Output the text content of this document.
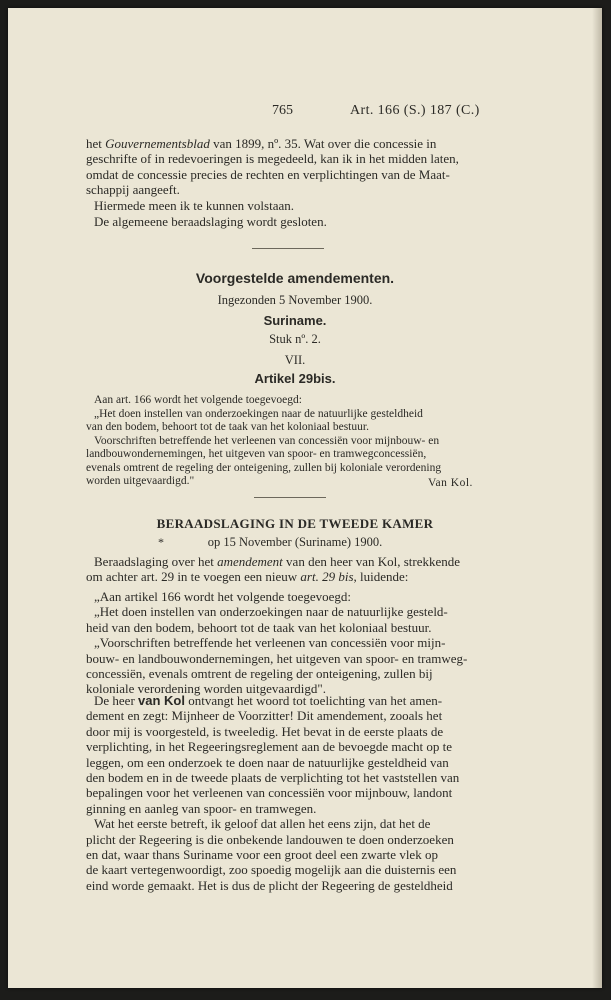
765	Art. 166 (S.) 187 (C.)
het Gouvernementsblad van 1899, nº. 35. Wat over die concessie in
geschrifte of in redevoeringen is megedeeld, kan ik in het midden laten,
omdat de concessie precies de rechten en verplichtingen van de Maat-
schappij aangeeft.
Hiermede meen ik te kunnen volstaan.
De algemeene beraadslaging wordt gesloten.
Voorgestelde amendementen.
Ingezonden 5 November 1900.
Suriname.
Stuk nº. 2.
VII.
Artikel 29bis.
Aan art. 166 wordt het volgende toegevoegd:
„Het doen instellen van onderzoekingen naar de natuurlijke gesteldheid
van den bodem, behoort tot de taak van het koloniaal bestuur.
Voorschriften betreffende het verleenen van concessiën voor mijnbouw- en
landbouwondernemingen, het uitgeven van spoor- en tramwegconcessiën,
evenals omtrent de regeling der onteigening, zullen bij koloniale verordening
worden uitgevaardigd."	Van Kol.
BERAADSLAGING IN DE TWEEDE KAMER
*	op 15 November (Suriname) 1900.
Beraadslaging over het amendement van den heer van Kol, strekkende
om achter art. 29 in te voegen een nieuw art. 29 bis, luidende:
„Aan artikel 166 wordt het volgende toegevoegd:
„Het doen instellen van onderzoekingen naar de natuurlijke gesteld-
heid van den bodem, behoort tot de taak van het koloniaal bestuur.
„Voorschriften betreffende het verleenen van concessiën voor mijn-
bouw- en landbouwondernemingen, het uitgeven van spoor- en tramweg-
concessiën, evenals omtrent de regeling der onteigening, zullen bij
koloniale verordening worden uitgevaardigd".
De heer van Kol ontvangt het woord tot toelichting van het amen-
dement en zegt: Mijnheer de Voorzitter! Dit amendement, zooals het
door mij is voorgesteld, is tweeledig. Het bevat in de eerste plaats de
verplichting, in het Regeeringsreglement aan de bevoegde macht op te
leggen, om een onderzoek te doen naar de natuurlijke gesteldheid van
den bodem en in de tweede plaats de verplichting tot het vaststellen van
bepalingen voor het verleenen van concessiën voor mijnbouw, landont
ginning en aanleg van spoor- en tramwegen.
Wat het eerste betreft, ik geloof dat allen het eens zijn, dat het de
plicht der Regeering is die onbekende landouwen te doen onderzoeken
en dat, waar thans Suriname voor een groot deel een zwarte vlek op
de kaart vertegenwoordigt, zoo spoedig mogelijk aan die duisternis een
eind worde gemaakt. Het is dus de plicht der Regeering de gesteldheid
